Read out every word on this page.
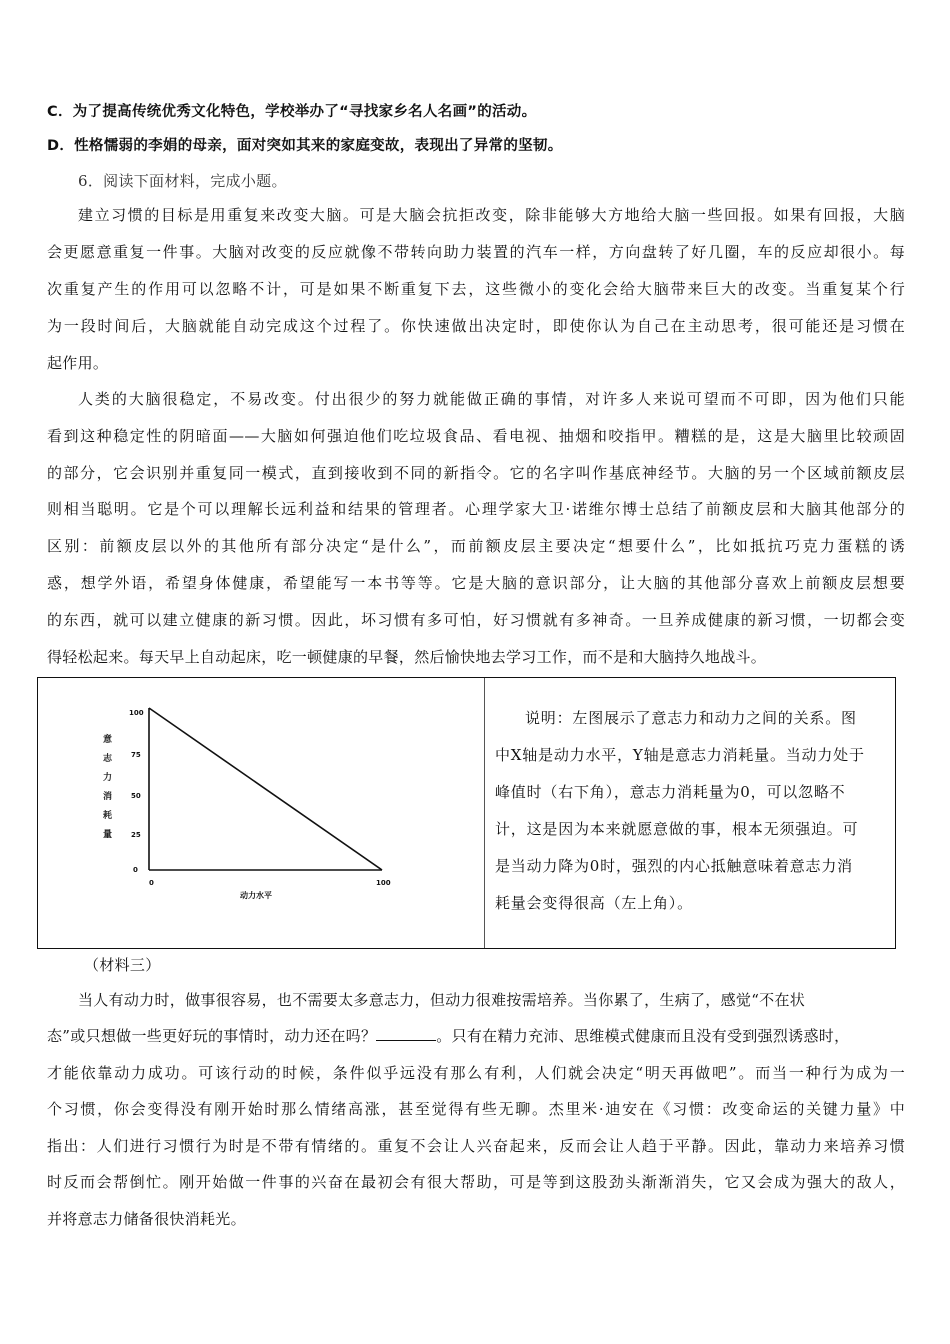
C．为了提高传统优秀文化特色，学校举办了“寻找家乡名人名画”的活动。
D．性格懦弱的李娟的母亲，面对突如其来的家庭变故，表现出了异常的坚韧。
6．阅读下面材料，完成小题。
建立习惯的目标是用重复来改变大脑。可是大脑会抗拒改变，除非能够大方地给大脑一些回报。如果有回报，大脑
会更愿意重复一件事。大脑对改变的反应就像不带转向助力装置的汽车一样，方向盘转了好几圈，车的反应却很小。每
次重复产生的作用可以忽略不计，可是如果不断重复下去，这些微小的变化会给大脑带来巨大的改变。当重复某个行
为一段时间后，大脑就能自动完成这个过程了。你快速做出决定时，即使你认为自己在主动思考，很可能还是习惯在
起作用。
人类的大脑很稳定，不易改变。付出很少的努力就能做正确的事情，对许多人来说可望而不可即，因为他们只能
看到这种稳定性的阴暗面——大脑如何强迫他们吃垃圾食品、看电视、抽烟和咬指甲。糟糕的是，这是大脑里比较顽固
的部分，它会识别并重复同一模式，直到接收到不同的新指令。它的名字叫作基底神经节。大脑的另一个区域前额皮层
则相当聪明。它是个可以理解长远利益和结果的管理者。心理学家大卫·诺维尔博士总结了前额皮层和大脑其他部分的
区别：前额皮层以外的其他所有部分决定“是什么”，而前额皮层主要决定“想要什么”，比如抵抗巧克力蛋糕的诱
惑，想学外语，希望身体健康，希望能写一本书等等。它是大脑的意识部分，让大脑的其他部分喜欢上前额皮层想要
的东西，就可以建立健康的新习惯。因此，坏习惯有多可怕，好习惯就有多神奇。一旦养成健康的新习惯，一切都会变
得轻松起来。每天早上自动起床，吃一顿健康的早餐，然后愉快地去学习工作，而不是和大脑持久地战斗。
100
75
50
25
0
0	100
意
志
力
消
耗
量
动力水平
说明：左图展示了意志力和动力之间的关系。图
中X轴是动力水平，Y轴是意志力消耗量。当动力处于
峰值时（右下角），意志力消耗量为0，可以忽略不
计，这是因为本来就愿意做的事，根本无须强迫。可
是当动力降为0时，强烈的内心抵触意味着意志力消
耗量会变得很高（左上角）。
（材料三）
当人有动力时，做事很容易，也不需要太多意志力，但动力很难按需培养。当你累了，生病了，感觉“不在状
态”或只想做一些更好玩的事情时，动力还在吗？	。只有在精力充沛、思维模式健康而且没有受到强烈诱惑时，
才能依靠动力成功。可该行动的时候，条件似乎远没有那么有利，人们就会决定“明天再做吧”。而当一种行为成为一
个习惯，你会变得没有刚开始时那么情绪高涨，甚至觉得有些无聊。杰里米·迪安在《习惯：改变命运的关键力量》中
指出：人们进行习惯行为时是不带有情绪的。重复不会让人兴奋起来，反而会让人趋于平静。因此，靠动力来培养习惯
时反而会帮倒忙。刚开始做一件事的兴奋在最初会有很大帮助，可是等到这股劲头渐渐消失，它又会成为强大的敌人，
并将意志力储备很快消耗光。
